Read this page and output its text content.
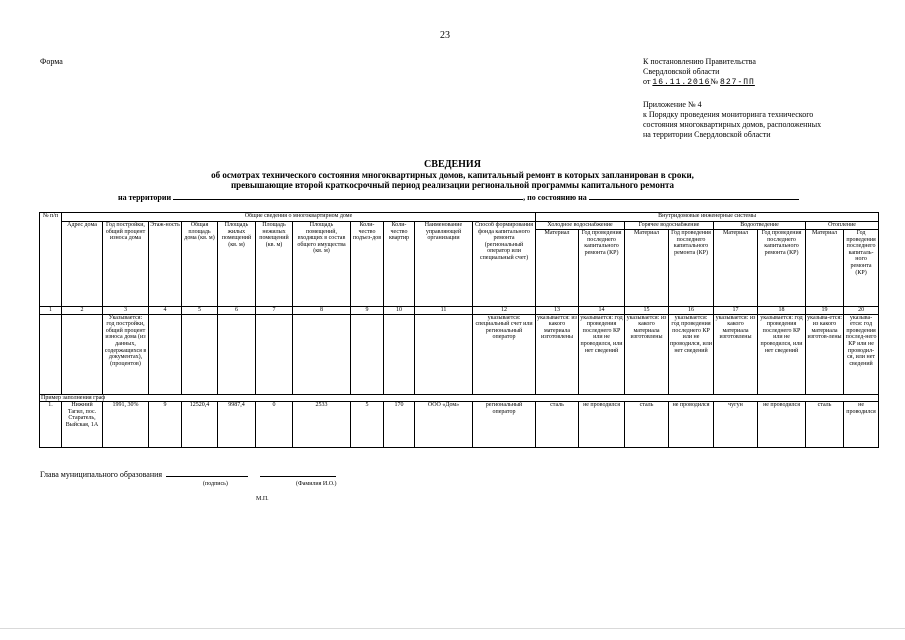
23
Форма	К постановлению Правительства
Свердловской области
от 16.11.2016№ 827-ПП
Приложение № 4
к Порядку проведения мониторинга технического состояния многоквартирных домов, расположенных на территории Свердловской области
СВЕДЕНИЯ
об осмотрах технического состояния многоквартирных домов, капитальный ремонт в которых запланирован в сроки,
превышающие второй краткосрочный период реализации региональной программы капитального ремонта
на территории	, по состоянию на
№ п/п	Общие сведения о многоквартирном доме											Внутридомовые инженерные системы							
	Адрес дома	Год постройки, общий процент износа дома	Этаж-ность	Общая площадь дома (кв. м)	Площадь жилых помещений (кв. м)	Площадь нежилых помещений (кв. м)	Площадь помещений, входящих в состав общего имущества (кв. м)	Коли-чество подъез-дов	Коли-чество квартир	Наименование управляющей организации	Способ формирования фонда капитального ремонта (региональный оператор или специальный счет)	Холодное водоснабжение		Горячее водоснабжение		Водоотведение		Отопление	
												Материал	Год проведения последнего капитального ремонта (КР)	Материал	Год проведения последнего капитального ремонта (КР)	Материал	Год проведения последнего капитального ремонта (КР)	Материал	Год проведения последнего капиталь-ного ремонта (КР)
1	2	3	4	5	6	7	8	9	10	11	12	13	14	15	16	17	18	19	20
		Указывается: год постройки, общий процент износа дома (из данных, содержащихся в документах), (процентов)									указывается: специальный счет или региональный оператор	указывается: из какого материала изготовлены	указывается: год проведения последнего КР или не проводился, или нет сведений	указывается: из какого материала изготовлены	указывается: год проведения последнего КР или не проводился, или нет сведений	указывается: из какого материала изготовлены	указывается: год проведения последнего КР или не проводился, или нет сведений	указыва-ется: из какого материала изготов-лены	указыва-ется: год проведения послед-него КР или не проводил-ся, или нет сведений
Пример заполнения граф																			
1.	Нижний Тагил, пос. Старатель, Выйская, 1А	1991, 30%	9	12520,4	9987,4	0	2533	5	170	ООО «Дом»	региональный оператор	сталь	не проводился	сталь	не проводился	чугун	не проводился	сталь	не проводился
Глава муниципального образования
(подпись)	(Фамилия И.О.)
М.П.
